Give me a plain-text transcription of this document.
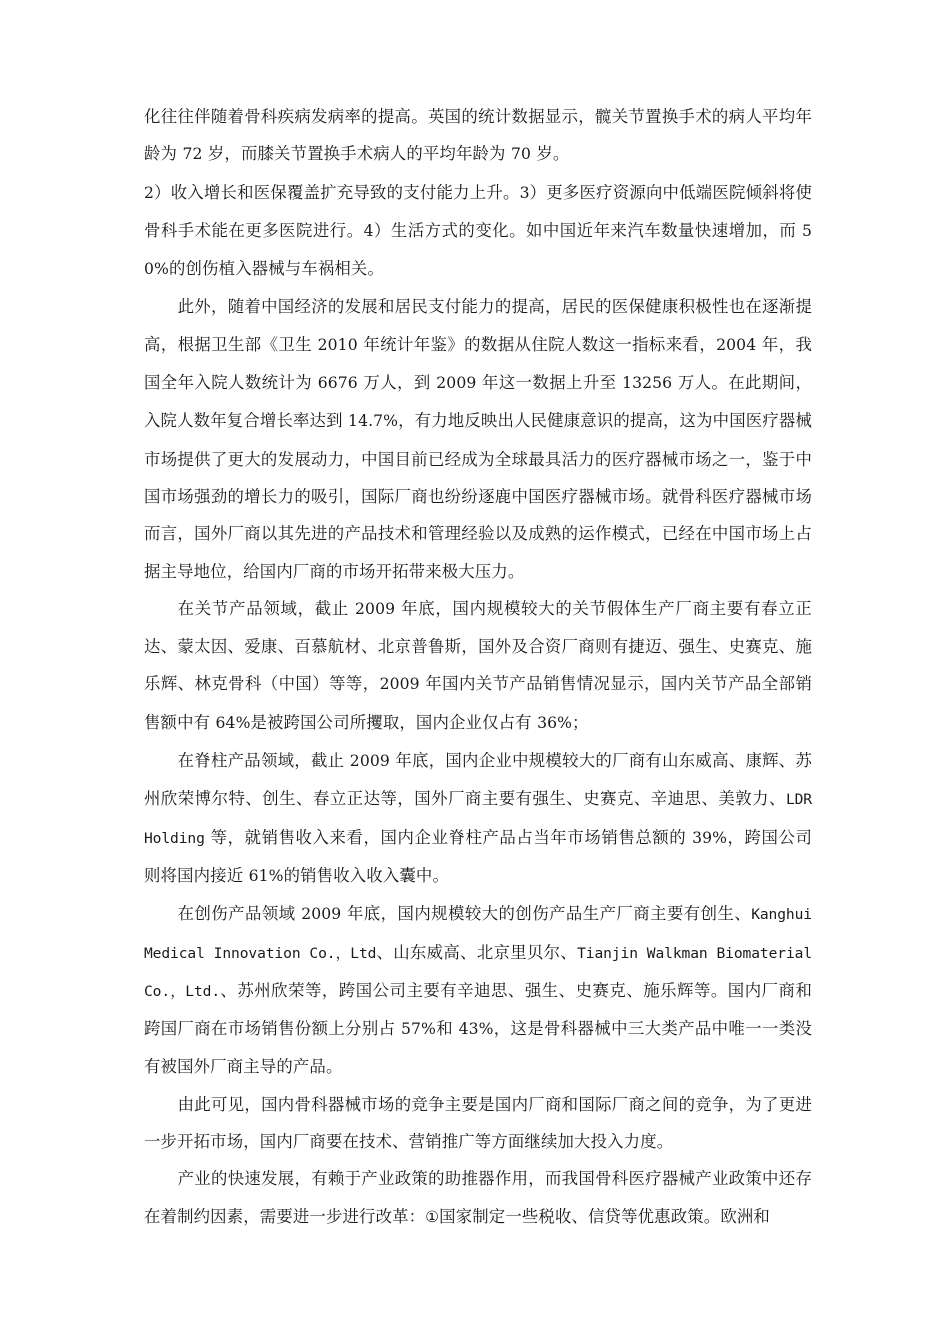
化往往伴随着骨科疾病发病率的提高。英国的统计数据显示，髋关节置换手术的病人平均年龄为 72 岁，而膝关节置换手术病人的平均年龄为 70 岁。

2）收入增长和医保覆盖扩充导致的支付能力上升。3）更多医疗资源向中低端医院倾斜将使骨科手术能在更多医院进行。4）生活方式的变化。如中国近年来汽车数量快速增加，而 50%的创伤植入器械与车祸相关。

此外，随着中国经济的发展和居民支付能力的提高，居民的医保健康积极性也在逐渐提高，根据卫生部《卫生 2010 年统计年鉴》的数据从住院人数这一指标来看，2004 年，我国全年入院人数统计为 6676 万人，到 2009 年这一数据上升至 13256 万人。在此期间，入院人数年复合增长率达到 14.7%，有力地反映出人民健康意识的提高，这为中国医疗器械市场提供了更大的发展动力，中国目前已经成为全球最具活力的医疗器械市场之一，鉴于中国市场强劲的增长力的吸引，国际厂商也纷纷逐鹿中国医疗器械市场。就骨科医疗器械市场而言，国外厂商以其先进的产品技术和管理经验以及成熟的运作模式，已经在中国市场上占据主导地位，给国内厂商的市场开拓带来极大压力。

在关节产品领域，截止 2009 年底，国内规模较大的关节假体生产厂商主要有春立正达、蒙太因、爱康、百慕航材、北京普鲁斯，国外及合资厂商则有捷迈、强生、史赛克、施乐辉、林克骨科（中国）等等，2009 年国内关节产品销售情况显示，国内关节产品全部销售额中有 64%是被跨国公司所攫取，国内企业仅占有 36%；

在脊柱产品领域，截止 2009 年底，国内企业中规模较大的厂商有山东威高、康辉、苏州欣荣博尔特、创生、春立正达等，国外厂商主要有强生、史赛克、辛迪思、美敦力、LDR Holding 等，就销售收入来看，国内企业脊柱产品占当年市场销售总额的 39%，跨国公司则将国内接近 61%的销售收入收入囊中。

在创伤产品领域 2009 年底，国内规模较大的创伤产品生产厂商主要有创生、Kanghui Medical Innovation Co.，Ltd、山东威高、北京里贝尔、Tianjin Walkman Biomaterial Co.，Ltd.、苏州欣荣等，跨国公司主要有辛迪思、强生、史赛克、施乐辉等。国内厂商和跨国厂商在市场销售份额上分别占 57%和 43%，这是骨科器械中三大类产品中唯一一类没有被国外厂商主导的产品。

由此可见，国内骨科器械市场的竞争主要是国内厂商和国际厂商之间的竞争，为了更进一步开拓市场，国内厂商要在技术、营销推广等方面继续加大投入力度。

产业的快速发展，有赖于产业政策的助推器作用，而我国骨科医疗器械产业政策中还存在着制约因素，需要进一步进行改革：①国家制定一些税收、信贷等优惠政策。欧洲和
